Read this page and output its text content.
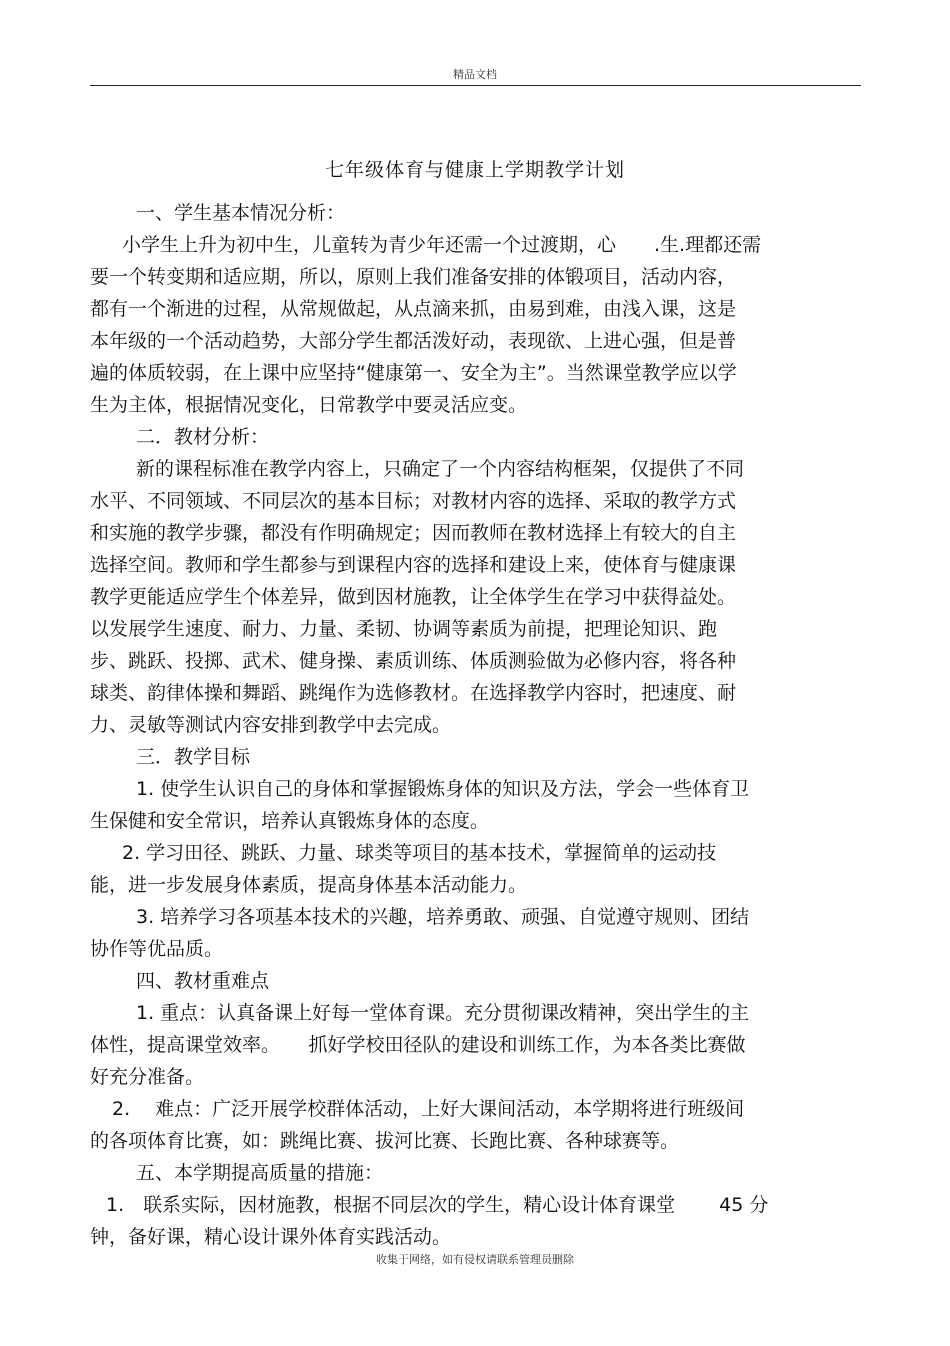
精品文档
七年级体育与健康上学期教学计划
一、学生基本情况分析：
小学生上升为初中生，儿童转为青少年还需一个过渡期，心　　.生.理都还需
要一个转变期和适应期，所以，原则上我们准备安排的体锻项目，活动内容，
都有一个渐进的过程，从常规做起，从点滴来抓，由易到难，由浅入课，这是
本年级的一个活动趋势，大部分学生都活泼好动，表现欲、上进心强，但是普
遍的体质较弱，在上课中应坚持“健康第一、安全为主”。当然课堂教学应以学
生为主体，根据情况变化，日常教学中要灵活应变。
二．教材分析：
新的课程标准在教学内容上，只确定了一个内容结构框架，仅提供了不同
水平、不同领域、不同层次的基本目标；对教材内容的选择、采取的教学方式
和实施的教学步骤，都没有作明确规定；因而教师在教材选择上有较大的自主
选择空间。教师和学生都参与到课程内容的选择和建设上来，使体育与健康课
教学更能适应学生个体差异，做到因材施教，让全体学生在学习中获得益处。
以发展学生速度、耐力、力量、柔韧、协调等素质为前提，把理论知识、跑
步、跳跃、投掷、武术、健身操、素质训练、体质测验做为必修内容，将各种
球类、韵律体操和舞蹈、跳绳作为选修教材。在选择教学内容时，把速度、耐
力、灵敏等测试内容安排到教学中去完成。
三．教学目标
1. 使学生认识自己的身体和掌握锻炼身体的知识及方法，学会一些体育卫
生保健和安全常识，培养认真锻炼身体的态度。
2. 学习田径、跳跃、力量、球类等项目的基本技术，掌握简单的运动技
能，进一步发展身体素质，提高身体基本活动能力。
3. 培养学习各项基本技术的兴趣，培养勇敢、顽强、自觉遵守规则、团结
协作等优品质。
四、教材重难点
1. 重点：认真备课上好每一堂体育课。充分贯彻课改精神，突出学生的主
体性，提高课堂效率。　　抓好学校田径队的建设和训练工作，为本各类比赛做
好充分准备。
2.　 难点：广泛开展学校群体活动，上好大课间活动，本学期将进行班级间
的各项体育比赛，如：跳绳比赛、拔河比赛、长跑比赛、各种球赛等。
五、本学期提高质量的措施：
1.　联系实际，因材施教，根据不同层次的学生，精心设计体育课堂　　 45 分
钟，备好课，精心设计课外体育实践活动。
收集于网络，如有侵权请联系管理员删除
